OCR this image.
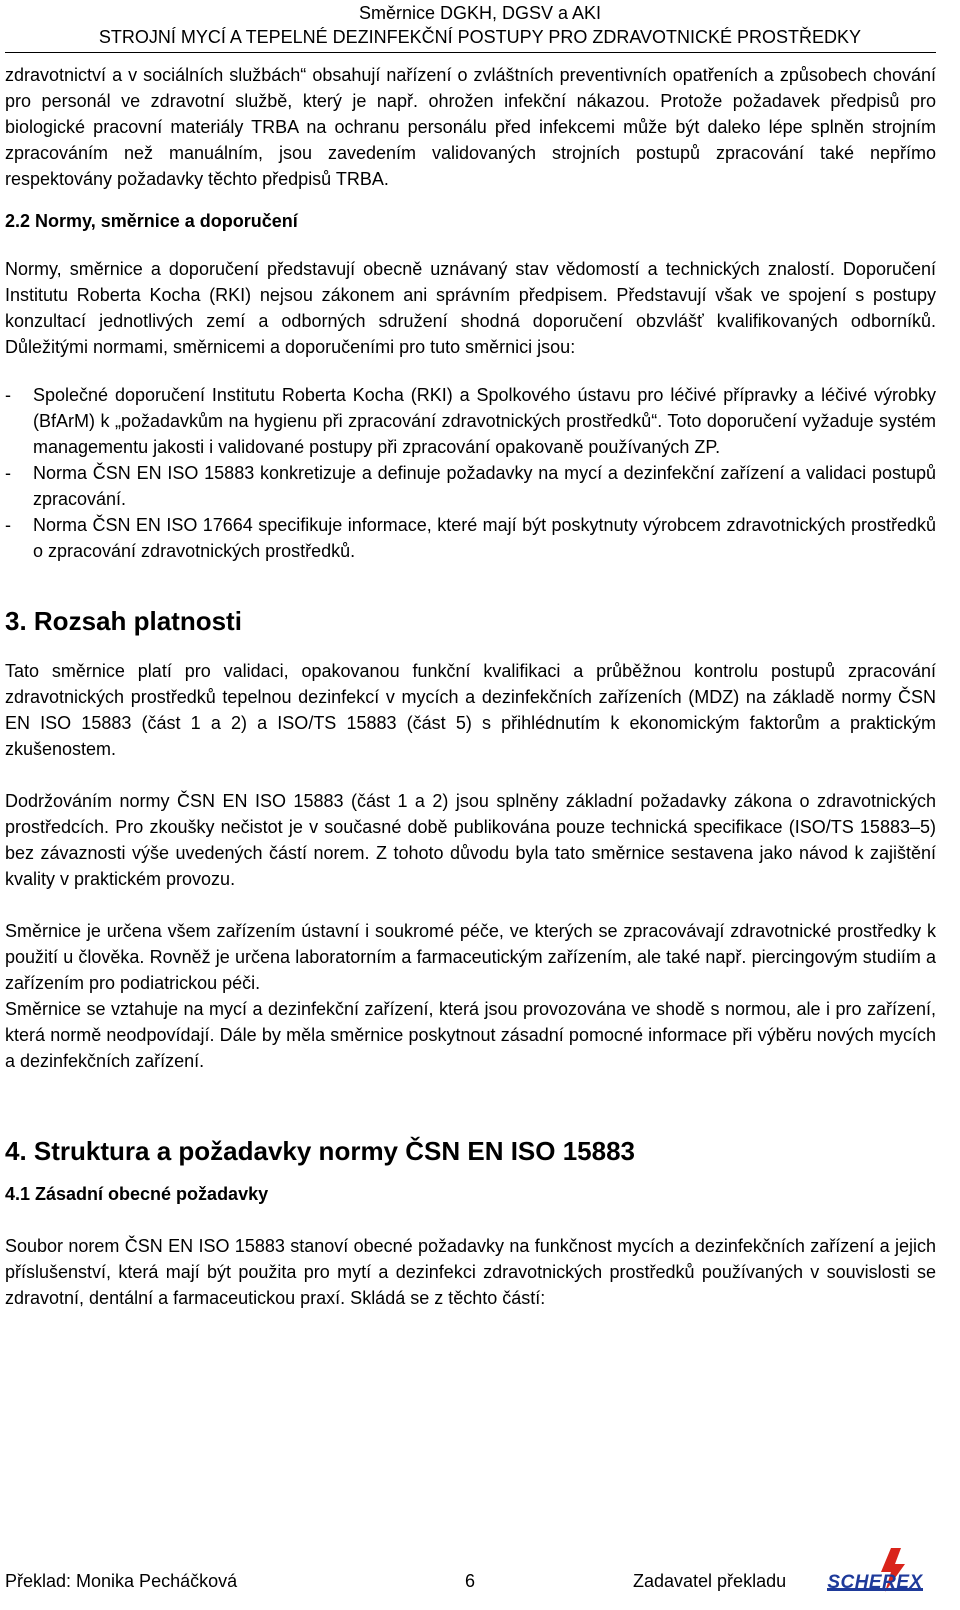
Směrnice DGKH, DGSV a AKI
STROJNÍ MYCÍ A TEPELNÉ DEZINFEKČNÍ POSTUPY PRO ZDRAVOTNICKÉ PROSTŘEDKY

zdravotnictví a v sociálních službách“ obsahují nařízení o zvláštních preventivních opatřeních a způsobech chování pro personál ve zdravotní službě, který je např. ohrožen infekční nákazou. Protože požadavek předpisů pro biologické pracovní materiály TRBA na ochranu personálu před infekcemi může být daleko lépe splněn strojním zpracováním než manuálním, jsou zavedením validovaných strojních postupů zpracování také nepřímo respektovány požadavky těchto předpisů TRBA.

2.2 Normy, směrnice a doporučení

Normy, směrnice a doporučení představují obecně uznávaný stav vědomostí a technických znalostí. Doporučení Institutu Roberta Kocha (RKI) nejsou zákonem ani správním předpisem. Představují však ve spojení s postupy konzultací jednotlivých zemí a odborných sdružení shodná doporučení obzvlášť kvalifikovaných odborníků. Důležitými normami, směrnicemi a doporučeními pro tuto směrnici jsou:

- Společné doporučení Institutu Roberta Kocha (RKI) a Spolkového ústavu pro léčivé přípravky a léčivé výrobky (BfArM) k „požadavkům na hygienu při zpracování zdravotnických prostředků“. Toto doporučení vyžaduje systém managementu jakosti i validované postupy při zpracování opakovaně používaných ZP.
- Norma ČSN EN ISO 15883 konkretizuje a definuje požadavky na mycí a dezinfekční zařízení a validaci postupů zpracování.
- Norma ČSN EN ISO 17664 specifikuje informace, které mají být poskytnuty výrobcem zdravotnických prostředků o zpracování zdravotnických prostředků.

3. Rozsah platnosti

Tato směrnice platí pro validaci, opakovanou funkční kvalifikaci a průběžnou kontrolu postupů zpracování zdravotnických prostředků tepelnou dezinfekcí v mycích a dezinfekčních zařízeních (MDZ) na základě normy ČSN EN ISO 15883 (část 1 a 2) a ISO/TS 15883 (část 5) s přihlédnutím k ekonomickým faktorům a praktickým zkušenostem.

Dodržováním normy ČSN EN ISO 15883 (část 1 a 2) jsou splněny základní požadavky zákona o zdravotnických prostředcích. Pro zkoušky nečistot je v současné době publikována pouze technická specifikace (ISO/TS 15883–5) bez závaznosti výše uvedených částí norem. Z tohoto důvodu byla tato směrnice sestavena jako návod k zajištění kvality v praktickém provozu.

Směrnice je určena všem zařízením ústavní i soukromé péče, ve kterých se zpracovávají zdravotnické prostředky k použití u člověka. Rovněž je určena laboratorním a farmaceutickým zařízením, ale také např. piercingovým studiím a zařízením pro podiatrickou péči.

Směrnice se vztahuje na mycí a dezinfekční zařízení, která jsou provozována ve shodě s normou, ale i pro zařízení, která normě neodpovídají. Dále by měla směrnice poskytnout zásadní pomocné informace při výběru nových mycích a dezinfekčních zařízení.

4. Struktura a požadavky normy ČSN EN ISO 15883

4.1 Zásadní obecné požadavky

Soubor norem ČSN EN ISO 15883 stanoví obecné požadavky na funkčnost mycích a dezinfekčních zařízení a jejich příslušenství, která mají být použita pro mytí a dezinfekci zdravotnických prostředků používaných v souvislosti se zdravotní, dentální a farmaceutickou praxí. Skládá se z těchto částí:

Překlad: Monika Pecháčková	6	Zadavatel překladu SCHEREX
